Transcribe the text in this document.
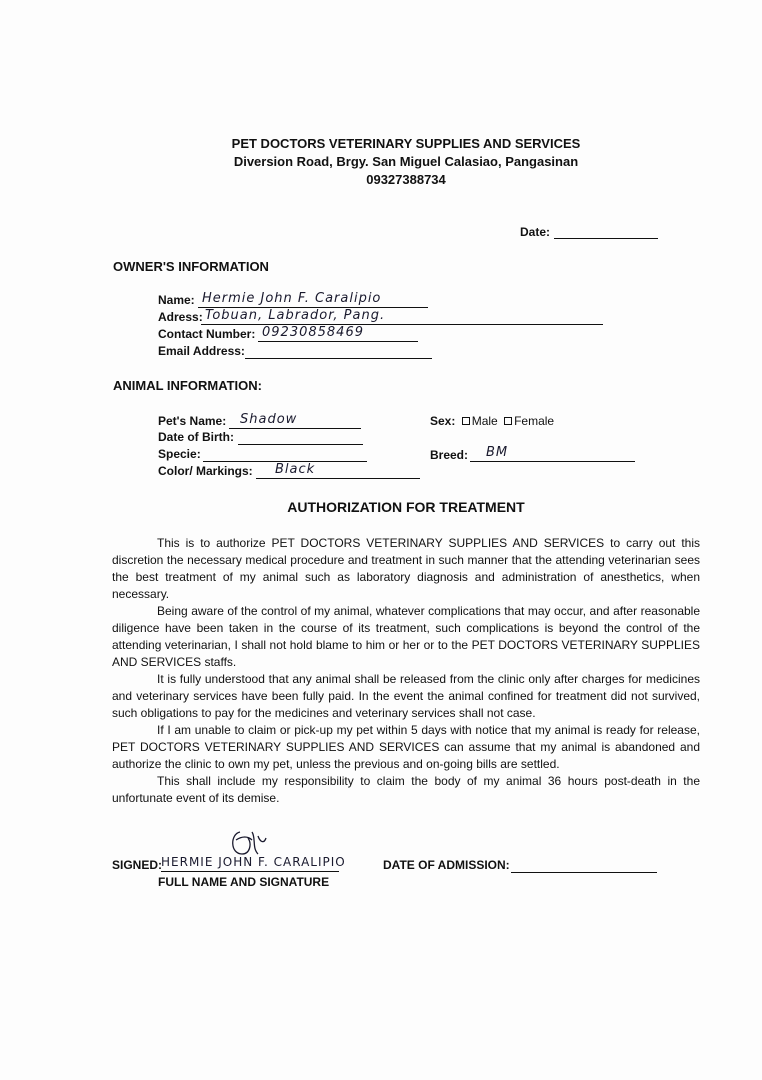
PET DOCTORS VETERINARY SUPPLIES AND SERVICES
Diversion Road, Brgy. San Miguel Calasiao, Pangasinan
09327388734
Date:
OWNER'S INFORMATION
Name: Hermie John F. Caralipio
Adress: Tobuan, Labrador, Pang.
Contact Number: 09230858469
Email Address:
ANIMAL INFORMATION:
Pet's Name: Shadow
Date of Birth:
Specie:
Color/ Markings: Black
Sex: Male Female
Breed: BM
AUTHORIZATION FOR TREATMENT

This is to authorize PET DOCTORS VETERINARY SUPPLIES AND SERVICES to carry out this discretion the necessary medical procedure and treatment in such manner that the attending veterinarian sees the best treatment of my animal such as laboratory diagnosis and administration of anesthetics, when necessary.

Being aware of the control of my animal, whatever complications that may occur, and after reasonable diligence have been taken in the course of its treatment, such complications is beyond the control of the attending veterinarian, I shall not hold blame to him or her or to the PET DOCTORS VETERINARY SUPPLIES AND SERVICES staffs.

It is fully understood that any animal shall be released from the clinic only after charges for medicines and veterinary services have been fully paid. In the event the animal confined for treatment did not survived, such obligations to pay for the medicines and veterinary services shall not case.

If I am unable to claim or pick-up my pet within 5 days with notice that my animal is ready for release, PET DOCTORS VETERINARY SUPPLIES AND SERVICES can assume that my animal is abandoned and authorize the clinic to own my pet, unless the previous and on-going bills are settled.

This shall include my responsibility to claim the body of my animal 36 hours post-death in the unfortunate event of its demise.

SIGNED:
HERMIE JOHN F. CARALIPIO
FULL NAME AND SIGNATURE
DATE OF ADMISSION:
